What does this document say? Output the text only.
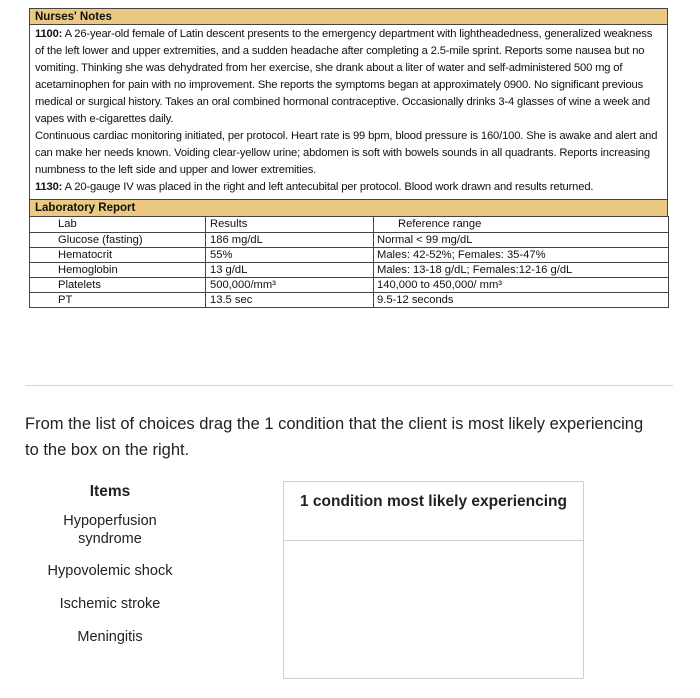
Nurses' Notes

1100: A 26-year-old female of Latin descent presents to the emergency department with lightheadedness, generalized weakness of the left lower and upper extremities, and a sudden headache after completing a 2.5-mile sprint. Reports some nausea but no vomiting. Thinking she was dehydrated from her exercise, she drank about a liter of water and self-administered 500 mg of acetaminophen for pain with no improvement. She reports the symptoms began at approximately 0900. No significant previous medical or surgical history. Takes an oral combined hormonal contraceptive. Occasionally drinks 3-4 glasses of wine a week and vapes with e-cigarettes daily.

Continuous cardiac monitoring initiated, per protocol. Heart rate is 99 bpm, blood pressure is 160/100. She is awake and alert and can make her needs known. Voiding clear-yellow urine; abdomen is soft with bowels sounds in all quadrants. Reports increasing numbness to the left side and upper and lower extremities.

1130: A 20-gauge IV was placed in the right and left antecubital per protocol. Blood work drawn and results returned.

Laboratory Report
Lab	Results	Reference range
Glucose (fasting)	186 mg/dL	Normal < 99 mg/dL
Hematocrit	55%	Males: 42-52%; Females: 35-47%
Hemoglobin	13 g/dL	Males: 13-18 g/dL; Females:12-16 g/dL
Platelets	500,000/mm³	140,000 to 450,000/ mm³
PT	13.5 sec	9.5-12 seconds
From the list of choices drag the 1 condition that the client is most likely experiencing to the box on the right.
Items
Hypoperfusion syndrome
Hypovolemic shock
Ischemic stroke
Meningitis
1 condition most likely experiencing
